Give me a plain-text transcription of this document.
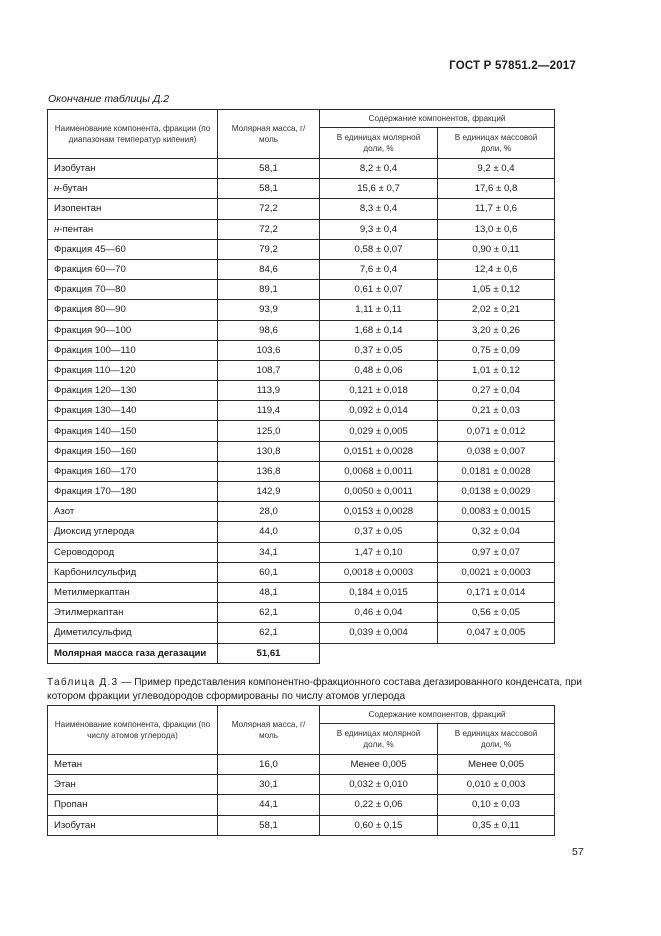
ГОСТ Р 57851.2—2017
Окончание таблицы Д.2
Наименование компонента, фракции (по диапазонам температур кипения)	Молярная масса, г/моль	Содержание компонентов, фракций	
		В единицах молярной доли, %	В единицах массовой доли, %
Изобутан	58,1	8,2 ± 0,4	9,2 ± 0,4
н-бутан	58,1	15,6 ± 0,7	17,6 ± 0,8
Изопентан	72,2	8,3 ± 0,4	11,7 ± 0,6
н-пентан	72,2	9,3 ± 0,4	13,0 ± 0,6
Фракция 45—60	79,2	0,58 ± 0,07	0,90 ± 0,11
Фракция 60—70	84,6	7,6 ± 0,4	12,4 ± 0,6
Фракция 70—80	89,1	0,61 ± 0,07	1,05 ± 0,12
Фракция 80—90	93,9	1,11 ± 0,11	2,02 ± 0,21
Фракция 90—100	98,6	1,68 ± 0,14	3,20 ± 0,26
Фракция 100—110	103,6	0,37 ± 0,05	0,75 ± 0,09
Фракция 110—120	108,7	0,48 ± 0,06	1,01 ± 0,12
Фракция 120—130	113,9	0,121 ± 0,018	0,27 ± 0,04
Фракция 130—140	119,4	0,092 ± 0,014	0,21 ± 0,03
Фракция 140—150	125,0	0,029 ± 0,005	0,071 ± 0,012
Фракция 150—160	130,8	0,0151 ± 0,0028	0,038 ± 0,007
Фракция 160—170	136,8	0,0068 ± 0,0011	0,0181 ± 0,0028
Фракция 170—180	142,9	0,0050 ± 0,0011	0,0138 ± 0,0029
Азот	28,0	0,0153 ± 0,0028	0,0083 ± 0,0015
Диоксид углерода	44,0	0,37 ± 0,05	0,32 ± 0,04
Сероводород	34,1	1,47 ± 0,10	0,97 ± 0,07
Карбонилсульфид	60,1	0,0018 ± 0,0003	0,0021 ± 0,0003
Метилмеркаптан	48,1	0,184 ± 0,015	0,171 ± 0,014
Этилмеркаптан	62,1	0,46 ± 0,04	0,56 ± 0,05
Диметилсульфид	62,1	0,039 ± 0,004	0,047 ± 0,005
Молярная масса газа дегазации	51,61		
Таблица Д.3 — Пример представления компонентно-фракционного состава дегазированного конденсата, при котором фракции углеводородов сформированы по числу атомов углерода
Наименование компонента, фракции (по числу атомов углерода)	Молярная масса, г/моль	Содержание компонентов, фракций	
		В единицах молярной доли, %	В единицах массовой доли, %
Метан	16,0	Менее 0,005	Менее 0,005
Этан	30,1	0,032 ± 0,010	0,010 ± 0,003
Пропан	44,1	0,22 ± 0,06	0,10 ± 0,03
Изобутан	58,1	0,60 ± 0,15	0,35 ± 0,11
57
